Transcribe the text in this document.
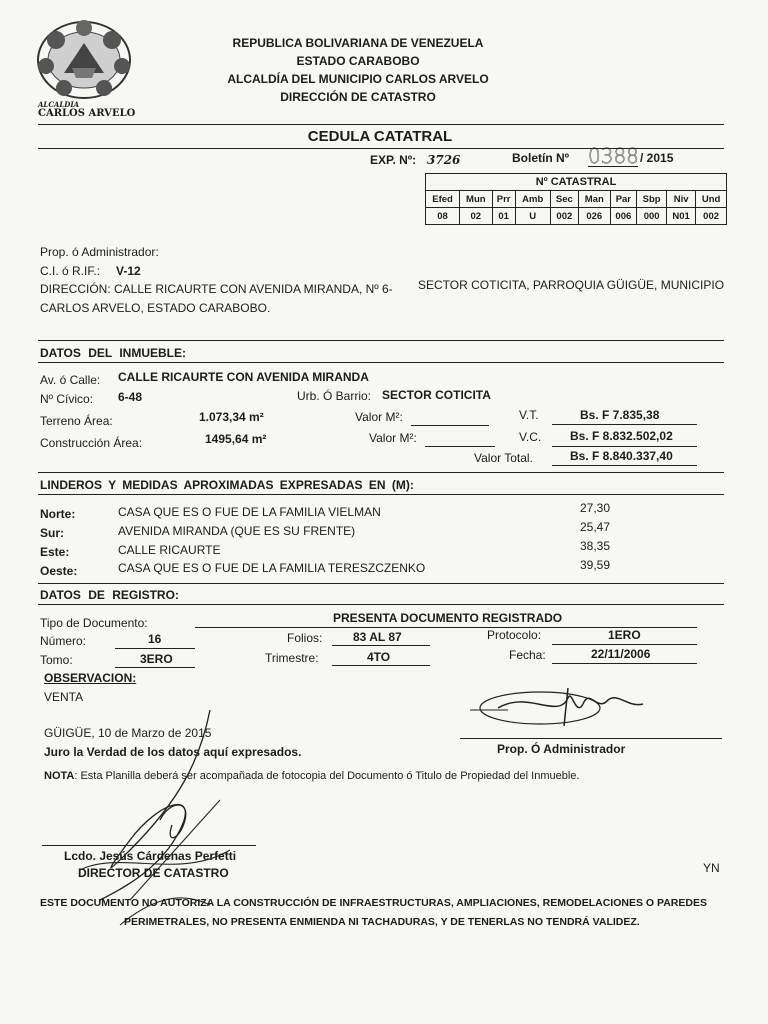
ALCALDIA
CARLOS ARVELO
REPUBLICA BOLIVARIANA DE VENEZUELA
ESTADO CARABOBO
ALCALDÍA DEL MUNICIPIO CARLOS ARVELO
DIRECCIÓN DE CATASTRO
CEDULA CATATRAL
EXP. Nº: 3726	Boletín Nº 0388 / 2015
Nº CATASTRAL									
Efed	Mun	Prr	Amb	Sec	Man	Par	Sbp	Niv	Und
08	02	01	U	002	026	006	000	N01	002
Prop. ó Administrador:
C.I. ó R.IF.: V-12
DIRECCIÓN: CALLE RICAURTE CON AVENIDA MIRANDA, Nº 6- SECTOR COTICITA, PARROQUIA GÜIGÜE, MUNICIPIO
CARLOS ARVELO, ESTADO CARABOBO.
DATOS DEL INMUEBLE:
Av. ó Calle: CALLE RICAURTE CON AVENIDA MIRANDA
Nº Cívico: 6-48	Urb. Ó Barrio: SECTOR COTICITA
Terreno Área:	1.073,34 m²	Valor M²:	V.T.	Bs. F 7.835,38
Construcción Área:	1495,64 m²	Valor M²:	V.C. Bs. F 8.832.502,02
Valor Total.	Bs. F 8.840.337,40
LINDEROS Y MEDIDAS APROXIMADAS EXPRESADAS EN (M):
Norte:	CASA QUE ES O FUE DE LA FAMILIA VIELMAN	27,30
Sur:	AVENIDA MIRANDA (QUE ES SU FRENTE)	25,47
Este:	CALLE RICAURTE	38,35
Oeste:	CASA QUE ES O FUE DE LA FAMILIA TERESZCZENKO	39,59
DATOS DE REGISTRO:
Tipo de Documento:	PRESENTA DOCUMENTO REGISTRADO
Número:	16	Folios:	83 AL 87	Protocolo:	1ERO
Tomo:	3ERO	Trimestre:	4TO	Fecha:	22/11/2006
OBSERVACION:
VENTA
Prop. Ó Administrador
GÜIGÜE, 10 de Marzo de 2015
Juro la Verdad de los datos aquí expresados.
NOTA: Esta Planilla deberá ser acompañada de fotocopia del Documento ó Titulo de Propiedad del Inmueble.
Lcdo. Jesús Cárdenas Perfetti
DIRECTOR DE CATASTRO	YN
ESTE DOCUMENTO NO AUTORIZA LA CONSTRUCCIÓN DE INFRAESTRUCTURAS, AMPLIACIONES, REMODELACIONES O PAREDES
PERIMETRALES, NO PRESENTA ENMIENDA NI TACHADURAS, Y DE TENERLAS NO TENDRÁ VALIDEZ.
